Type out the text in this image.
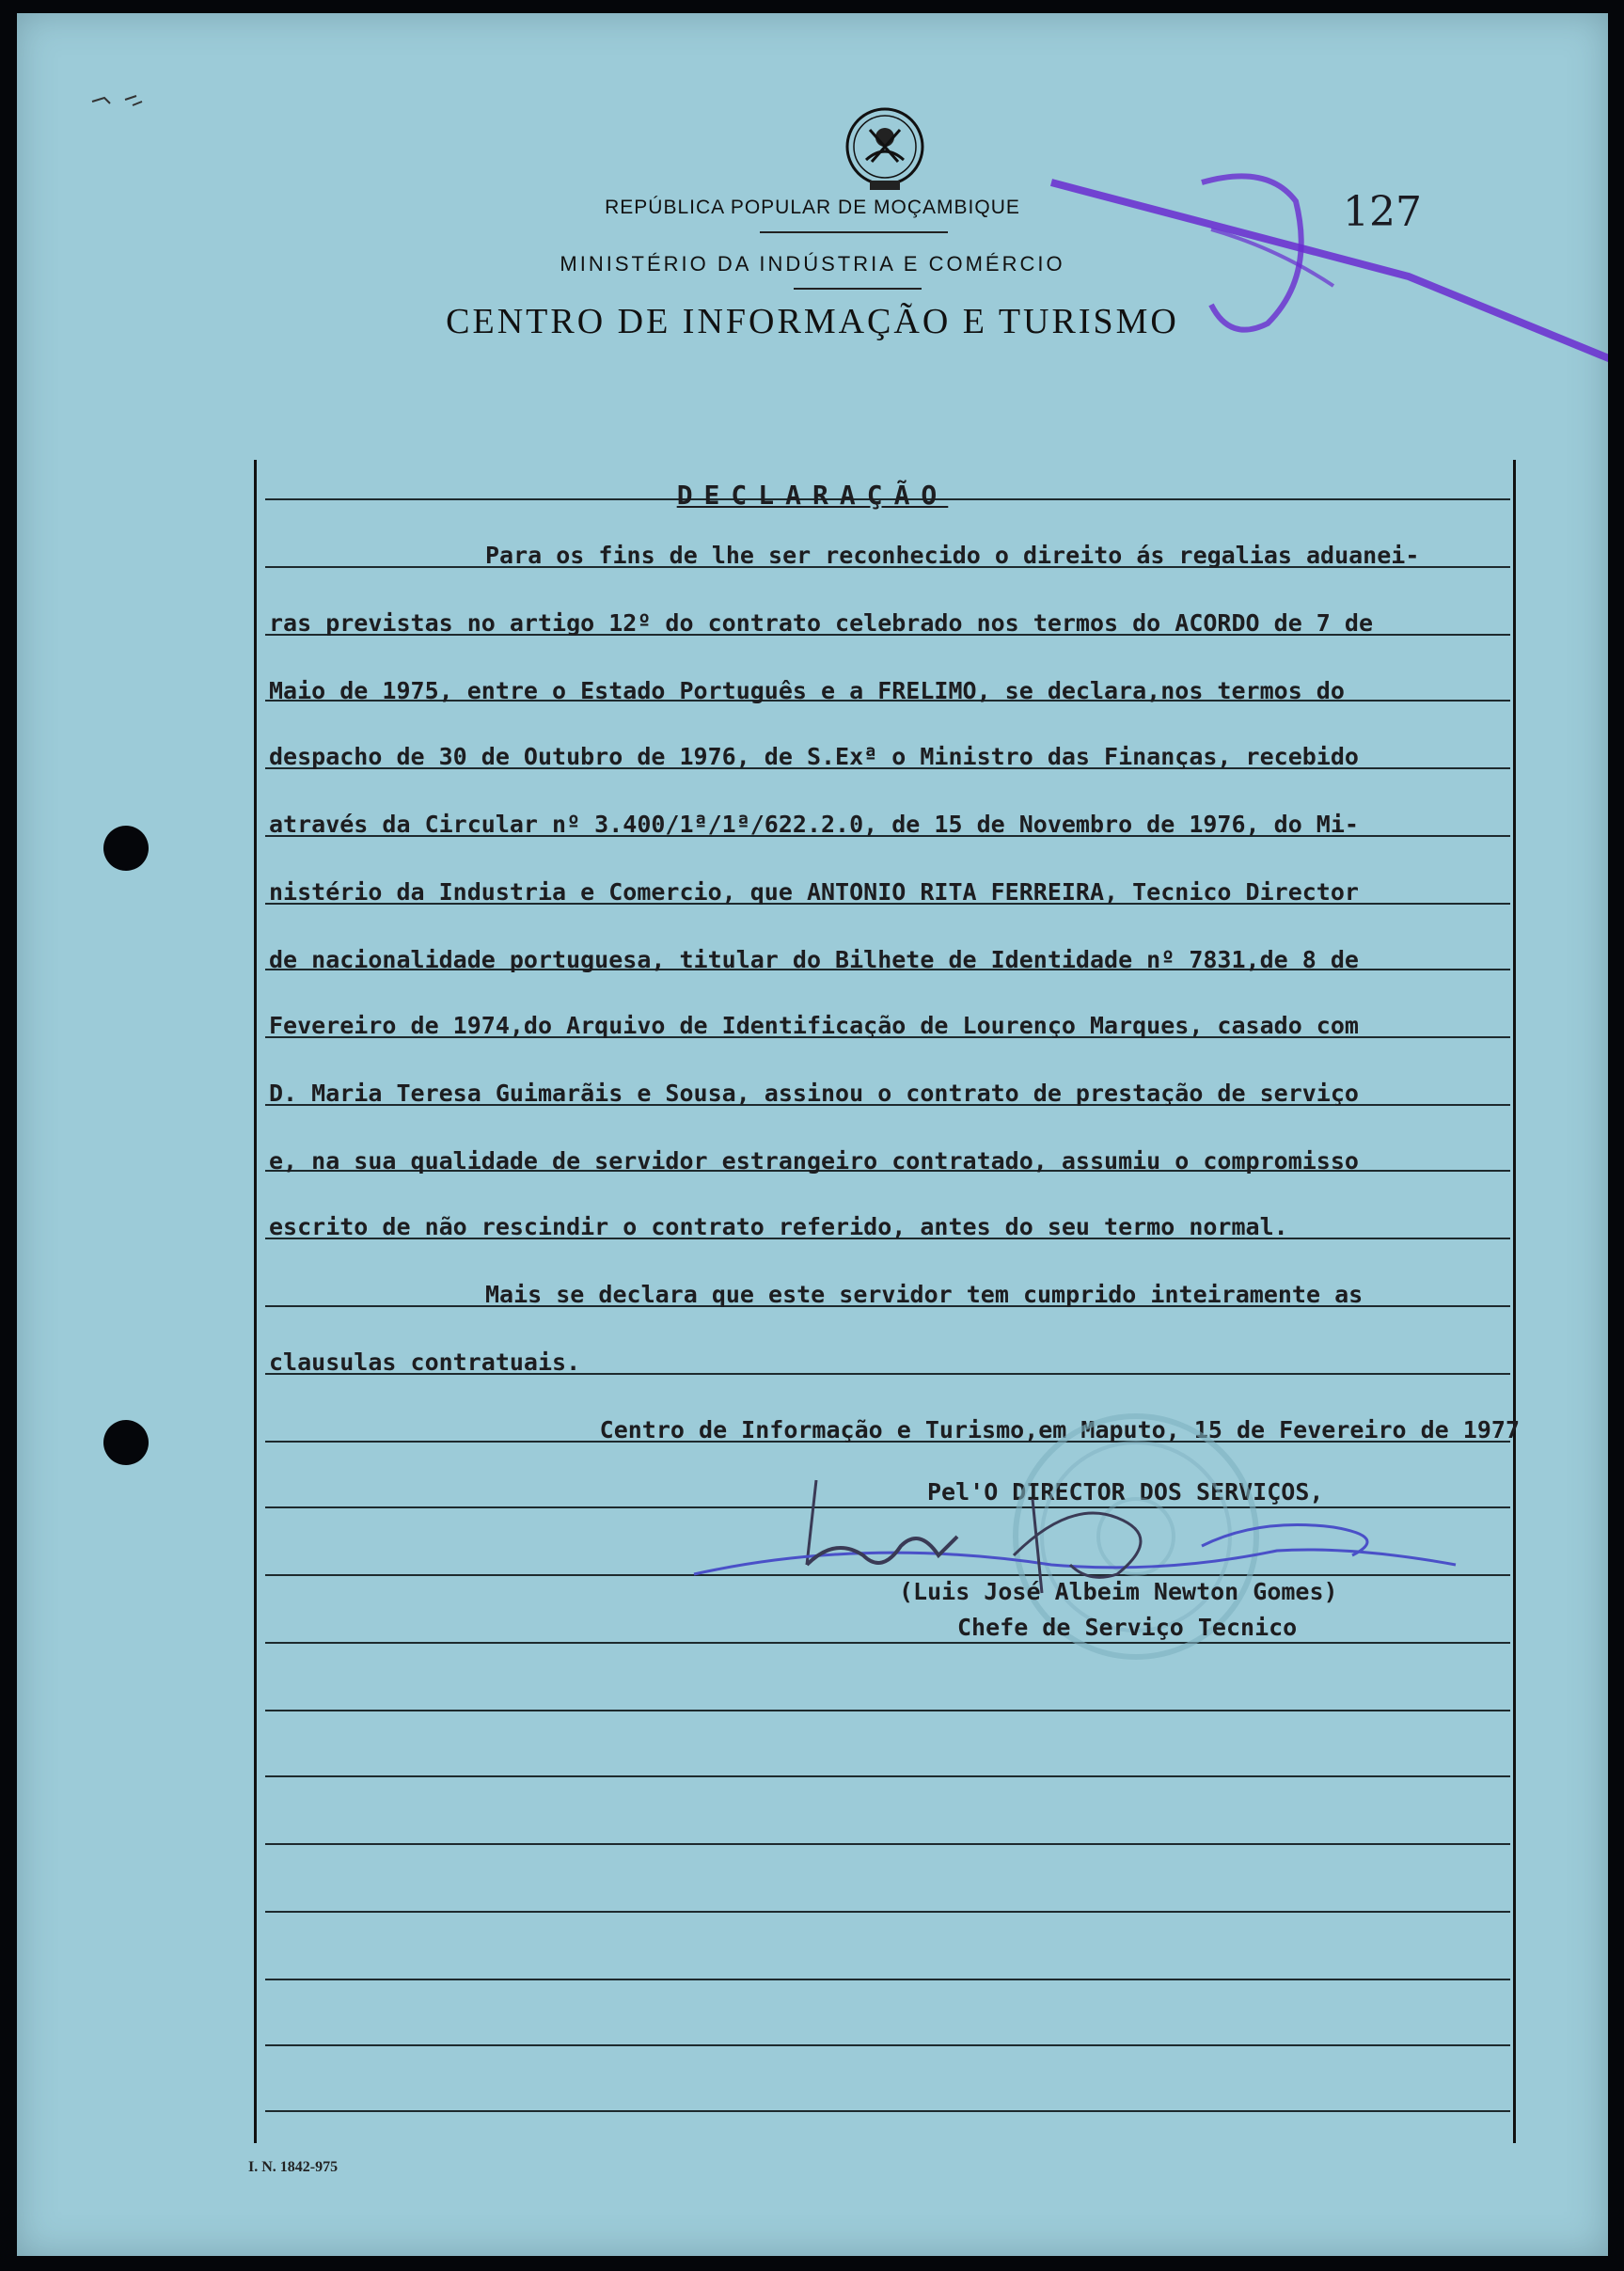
REPÚBLICA POPULAR DE MOÇAMBIQUE

MINISTÉRIO DA INDÚSTRIA E COMÉRCIO

CENTRO DE INFORMAÇÃO E TURISMO

127

DECLARAÇÃO

Para os fins de lhe ser reconhecido o direito ás regalias aduanei-

ras previstas no artigo 12º do contrato celebrado nos termos do ACORDO de 7 de

Maio de 1975, entre o Estado Português e a FRELIMO, se declara,nos termos do

despacho de 30 de Outubro de 1976, de S.Exª o Ministro das Finanças, recebido

através da Circular nº 3.400/1ª/1ª/622.2.0, de 15 de Novembro de 1976, do Mi-

nistério da Industria e Comercio, que ANTONIO RITA FERREIRA, Tecnico Director

de nacionalidade portuguesa, titular do Bilhete de Identidade nº 7831,de 8 de

Fevereiro de 1974,do Arquivo de Identificação de Lourenço Marques, casado com

D. Maria Teresa Guimarãis e Sousa, assinou o contrato de prestação de serviço

e, na sua qualidade de servidor estrangeiro contratado, assumiu o compromisso

escrito de não rescindir o contrato referido, antes do seu termo normal.

Mais se declara que este servidor tem cumprido inteiramente as

clausulas contratuais.

Centro de Informação e Turismo,em Maputo, 15 de Fevereiro de 1977

Pel'O DIRECTOR DOS SERVIÇOS,

(Luis José Albeim Newton Gomes)

Chefe de Serviço Tecnico

I. N. 1842-975
